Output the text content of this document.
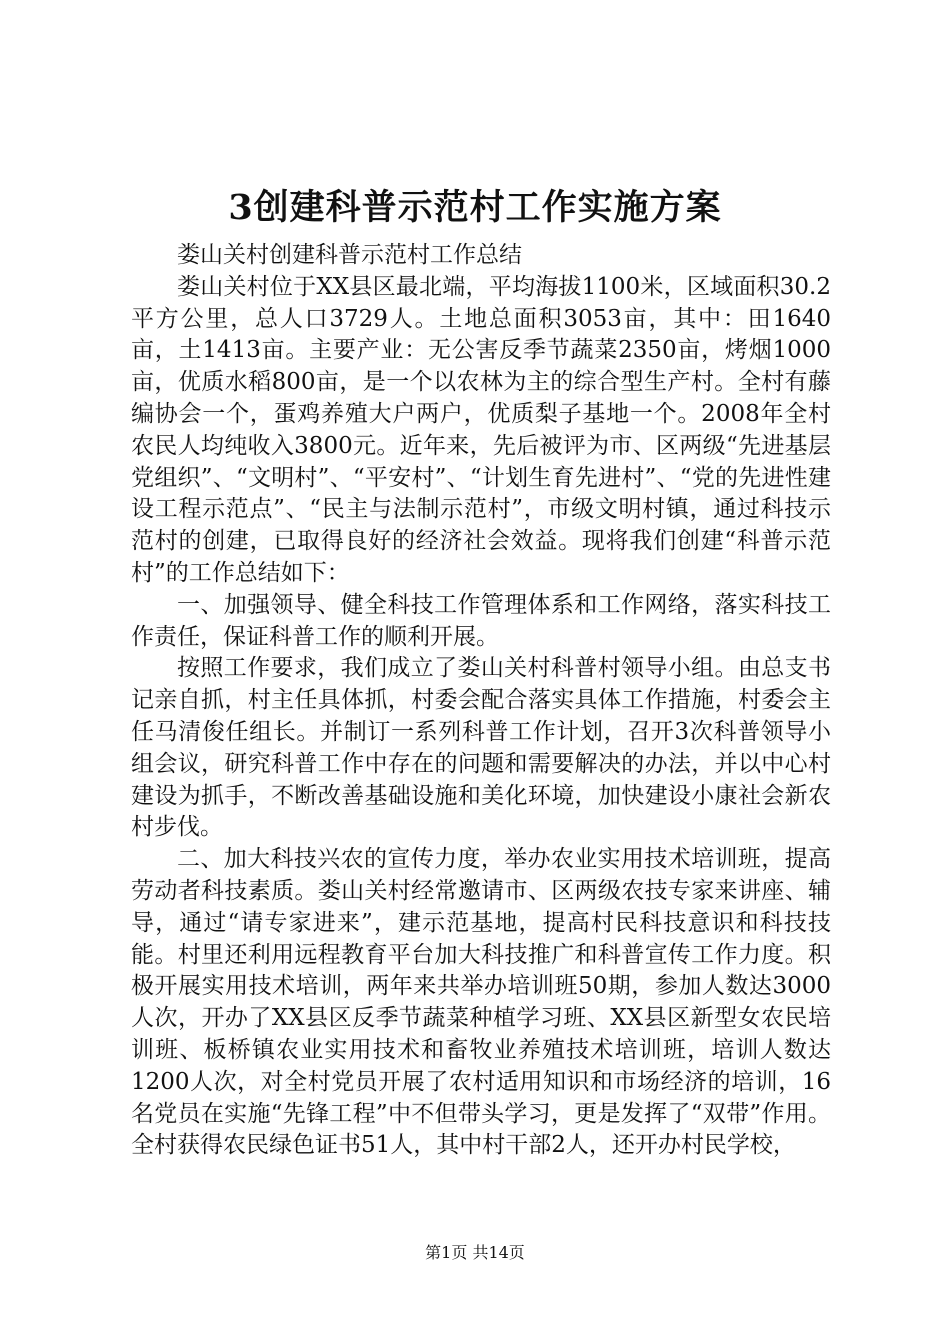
3创建科普示范村工作实施方案

娄山关村创建科普示范村工作总结

娄山关村位于XX县区最北端，平均海拔1100米，区域面积30.2平方公里，总人口3729人。土地总面积3053亩，其中：田1640亩，土1413亩。主要产业：无公害反季节蔬菜2350亩，烤烟1000亩，优质水稻800亩，是一个以农林为主的综合型生产村。全村有藤编协会一个，蛋鸡养殖大户两户，优质梨子基地一个。2008年全村农民人均纯收入3800元。近年来，先后被评为市、区两级“先进基层党组织”、“文明村”、“平安村”、“计划生育先进村”、“党的先进性建设工程示范点”、“民主与法制示范村”，市级文明村镇，通过科技示范村的创建，已取得良好的经济社会效益。现将我们创建“科普示范村”的工作总结如下：

一、加强领导、健全科技工作管理体系和工作网络，落实科技工作责任，保证科普工作的顺利开展。

按照工作要求，我们成立了娄山关村科普村领导小组。由总支书记亲自抓，村主任具体抓，村委会配合落实具体工作措施，村委会主任马清俊任组长。并制订一系列科普工作计划，召开3次科普领导小组会议，研究科普工作中存在的问题和需要解决的办法，并以中心村建设为抓手，不断改善基础设施和美化环境，加快建设小康社会新农村步伐。

二、加大科技兴农的宣传力度，举办农业实用技术培训班，提高劳动者科技素质。娄山关村经常邀请市、区两级农技专家来讲座、辅导，通过“请专家进来”，建示范基地，提高村民科技意识和科技技能。村里还利用远程教育平台加大科技推广和科普宣传工作力度。积极开展实用技术培训，两年来共举办培训班50期，参加人数达3000人次，开办了XX县区反季节蔬菜种植学习班、XX县区新型女农民培训班、板桥镇农业实用技术和畜牧业养殖技术培训班，培训人数达1200人次，对全村党员开展了农村适用知识和市场经济的培训，16名党员在实施“先锋工程”中不但带头学习，更是发挥了“双带”作用。全村获得农民绿色证书51人，其中村干部2人，还开办村民学校，

第1页 共14页
